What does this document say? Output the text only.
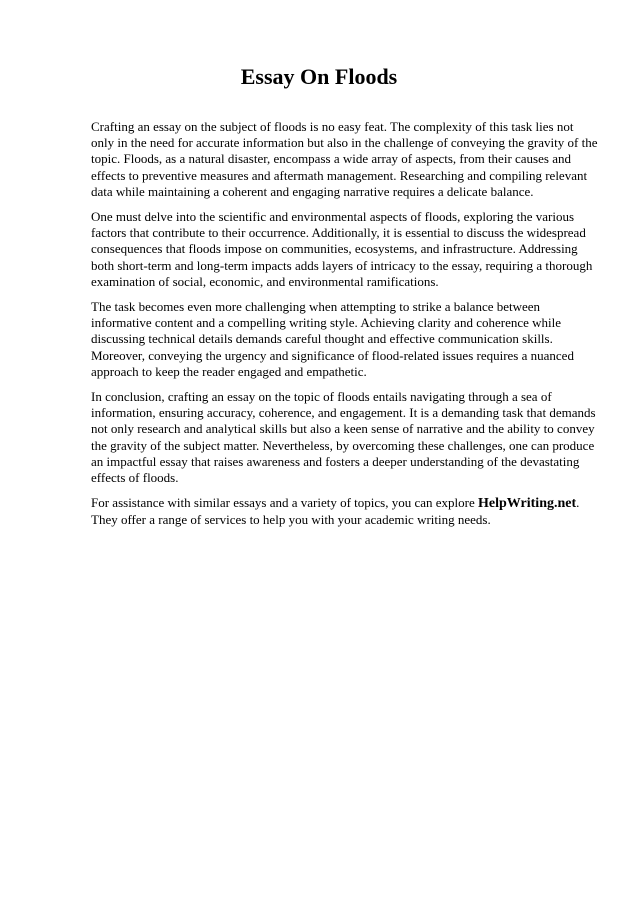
Essay On Floods

Crafting an essay on the subject of floods is no easy feat. The complexity of this task lies not only in the need for accurate information but also in the challenge of conveying the gravity of the topic. Floods, as a natural disaster, encompass a wide array of aspects, from their causes and effects to preventive measures and aftermath management. Researching and compiling relevant data while maintaining a coherent and engaging narrative requires a delicate balance.

One must delve into the scientific and environmental aspects of floods, exploring the various factors that contribute to their occurrence. Additionally, it is essential to discuss the widespread consequences that floods impose on communities, ecosystems, and infrastructure. Addressing both short-term and long-term impacts adds layers of intricacy to the essay, requiring a thorough examination of social, economic, and environmental ramifications.

The task becomes even more challenging when attempting to strike a balance between informative content and a compelling writing style. Achieving clarity and coherence while discussing technical details demands careful thought and effective communication skills. Moreover, conveying the urgency and significance of flood-related issues requires a nuanced approach to keep the reader engaged and empathetic.

In conclusion, crafting an essay on the topic of floods entails navigating through a sea of information, ensuring accuracy, coherence, and engagement. It is a demanding task that demands not only research and analytical skills but also a keen sense of narrative and the ability to convey the gravity of the subject matter. Nevertheless, by overcoming these challenges, one can produce an impactful essay that raises awareness and fosters a deeper understanding of the devastating effects of floods.

For assistance with similar essays and a variety of topics, you can explore HelpWriting.net. They offer a range of services to help you with your academic writing needs.
